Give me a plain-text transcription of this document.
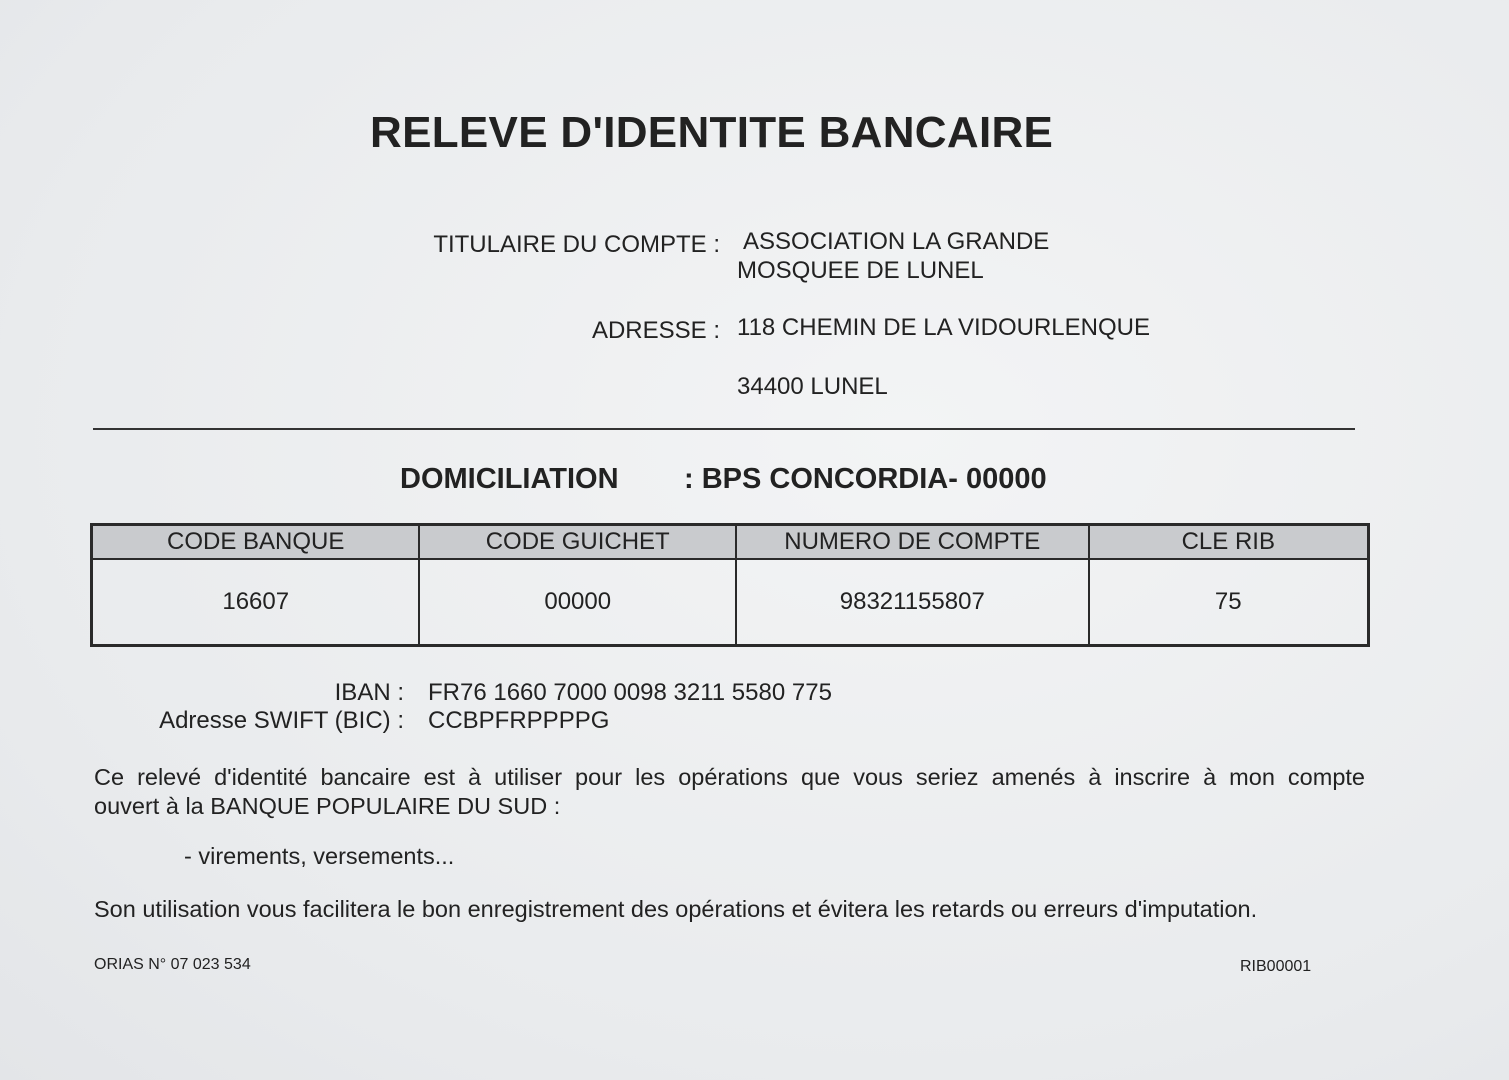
RELEVE D'IDENTITE BANCAIRE
TITULAIRE DU COMPTE : ASSOCIATION LA GRANDE
MOSQUEE DE LUNEL
ADRESSE : 118 CHEMIN DE LA VIDOURLENQUE
34400 LUNEL
DOMICILIATION : BPS CONCORDIA- 00000
CODE BANQUE	CODE GUICHET	NUMERO DE COMPTE	CLE RIB
16607	00000	98321155807	75
IBAN : FR76 1660 7000 0098 3211 5580 775
Adresse SWIFT (BIC) : CCBPFRPPPPG
Ce relevé d'identité bancaire est à utiliser pour les opérations que vous seriez amenés à inscrire à mon compte
ouvert à la BANQUE POPULAIRE DU SUD :
- virements, versements...
Son utilisation vous facilitera le bon enregistrement des opérations et évitera les retards ou erreurs d'imputation.
ORIAS N° 07 023 534	RIB00001
